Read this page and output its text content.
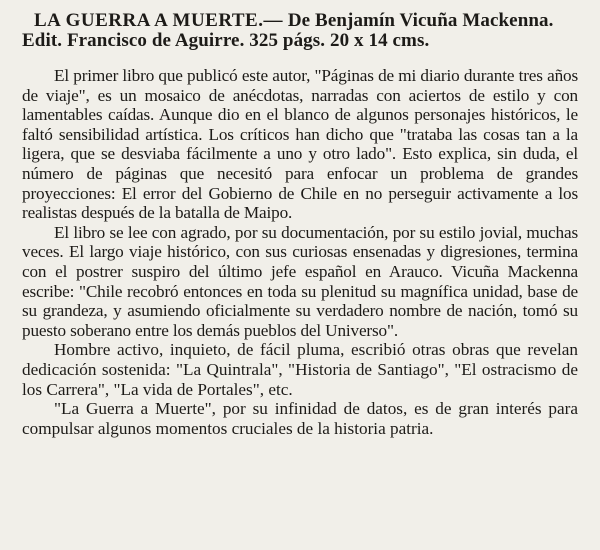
LA GUERRA A MUERTE.— De Benjamín Vicuña Mackenna.
Edit. Francisco de Aguirre. 325 págs. 20 x 14 cms.

El primer libro que publicó este autor, "Páginas de mi diario durante tres años de viaje", es un mosaico de anécdotas, narradas con aciertos de estilo y con lamentables caídas. Aunque dio en el blanco de algunos personajes históricos, le faltó sensibilidad artística. Los críticos han dicho que "trataba las cosas tan a la ligera, que se desviaba fácilmente a uno y otro lado". Esto explica, sin duda, el número de páginas que necesitó para enfocar un problema de grandes proyecciones: El error del Gobierno de Chile en no perseguir activamente a los realistas después de la batalla de Maipo.

El libro se lee con agrado, por su documentación, por su estilo jovial, muchas veces. El largo viaje histórico, con sus curiosas ensenadas y digresiones, termina con el postrer suspiro del último jefe español en Arauco. Vicuña Mackenna escribe: "Chile recobró entonces en toda su plenitud su magnífica unidad, base de su grandeza, y asumiendo oficialmente su verdadero nombre de nación, tomó su puesto soberano entre los demás pueblos del Universo".

Hombre activo, inquieto, de fácil pluma, escribió otras obras que revelan dedicación sostenida: "La Quintrala", "Historia de Santiago", "El ostracismo de los Carrera", "La vida de Portales", etc.

"La Guerra a Muerte", por su infinidad de datos, es de gran interés para compulsar algunos momentos cruciales de la historia patria.
